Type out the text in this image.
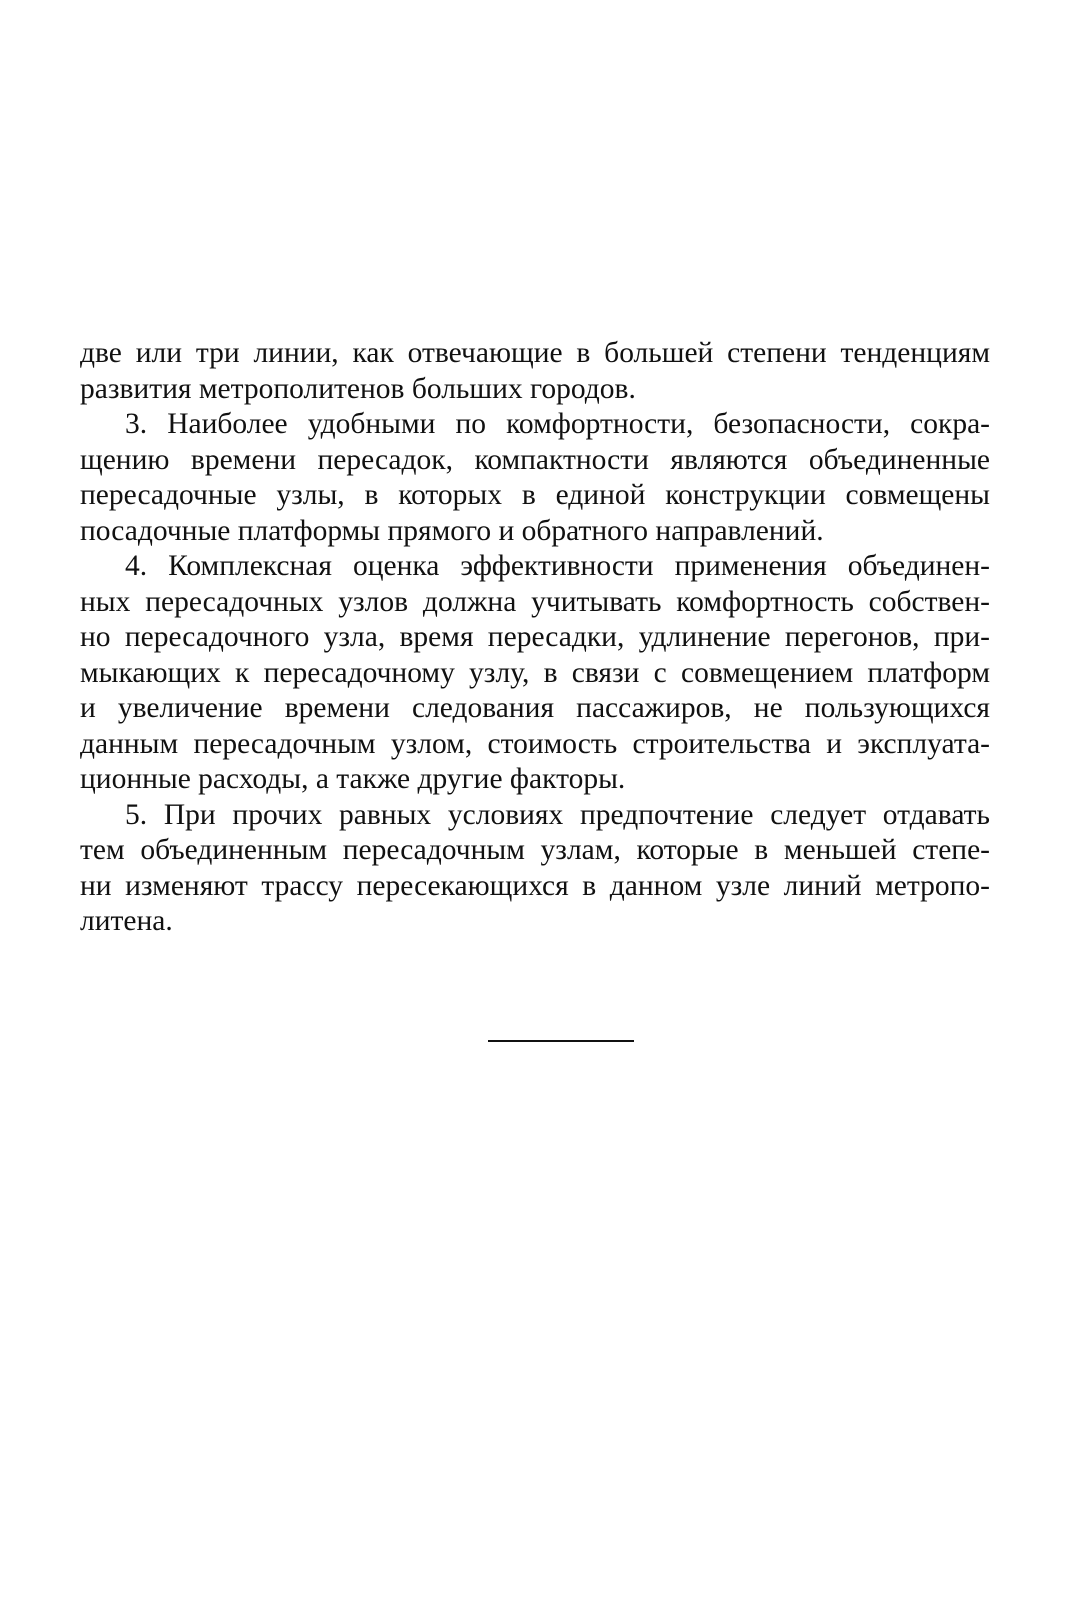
две или три линии, как отвечающие в большей степени тенденциям
развития метрополитенов больших городов.
3. Наиболее удобными по комфортности, безопасности, сокра-
щению времени пересадок, компактности являются объединенные
пересадочные узлы, в которых в единой конструкции совмещены
посадочные платформы прямого и обратного направлений.
4. Комплексная оценка эффективности применения объединен-
ных пересадочных узлов должна учитывать комфортность собствен-
но пересадочного узла, время пересадки, удлинение перегонов, при-
мыкающих к пересадочному узлу, в связи с совмещением платформ
и увеличение времени следования пассажиров, не пользующихся
данным пересадочным узлом, стоимость строительства и эксплуата-
ционные расходы, а также другие факторы.
5. При прочих равных условиях предпочтение следует отдавать
тем объединенным пересадочным узлам, которые в меньшей степе-
ни изменяют трассу пересекающихся в данном узле линий метропо-
литена.
